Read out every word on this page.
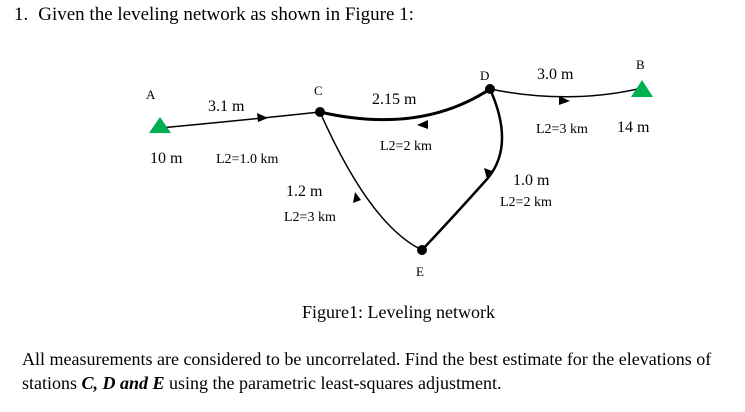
1. Given the leveling network as shown in Figure 1:
A
B
C
D
E
10 m
14 m
3.1 m
L2=1.0 km
2.15 m
L2=2 km
3.0 m
L2=3 km
1.0 m
L2=2 km
1.2 m
L2=3 km
Figure1: Leveling network
All measurements are considered to be uncorrelated. Find the best estimate for the elevations of stations C, D and E using the parametric least-squares adjustment.
